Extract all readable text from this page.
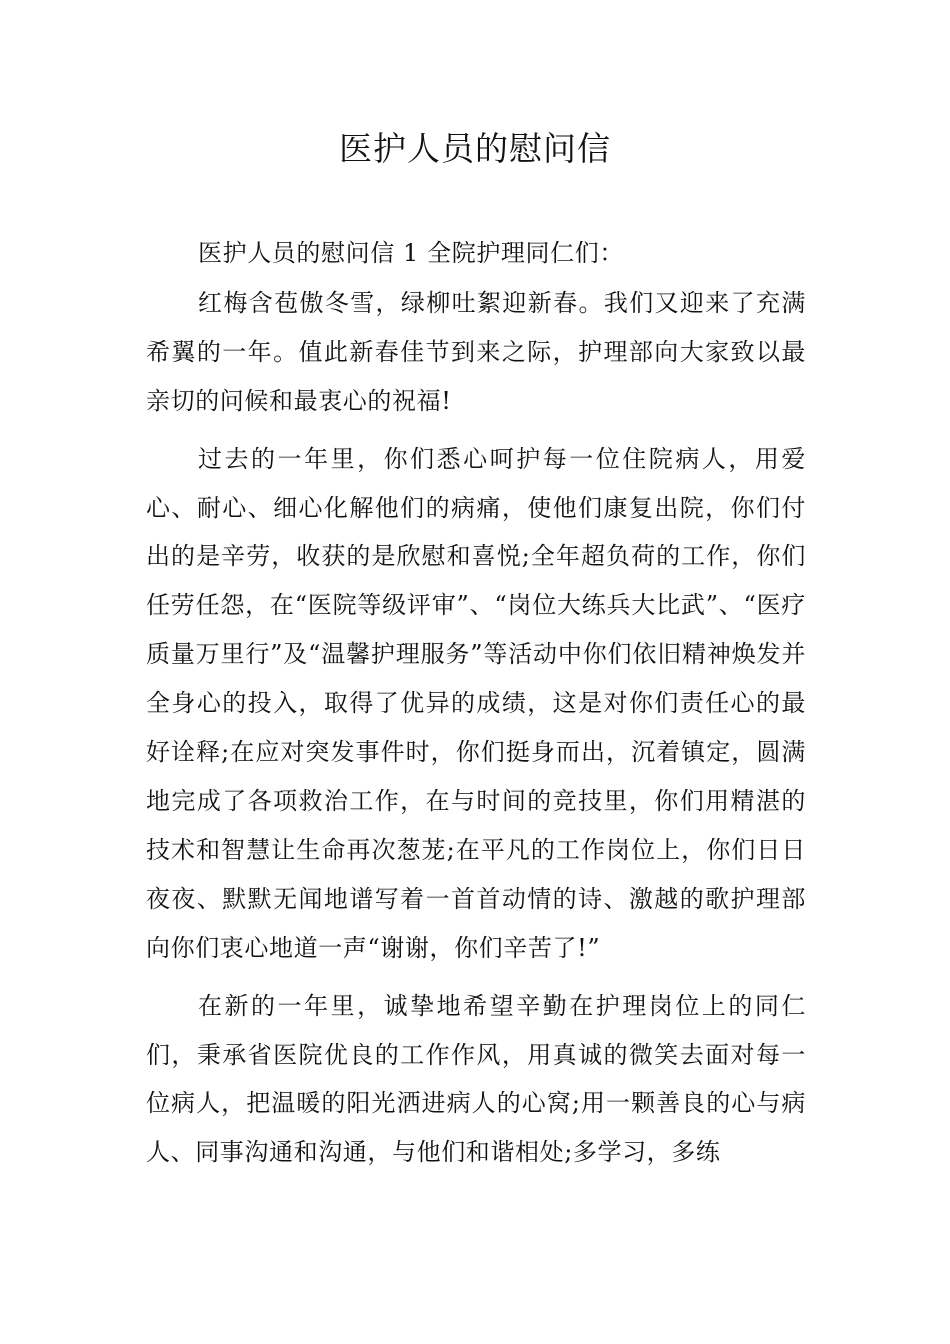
医护人员的慰问信

医护人员的慰问信 1 全院护理同仁们：

红梅含苞傲冬雪，绿柳吐絮迎新春。我们又迎来了充满希翼的一年。值此新春佳节到来之际，护理部向大家致以最亲切的问候和最衷心的祝福!

过去的一年里，你们悉心呵护每一位住院病人，用爱心、耐心、细心化解他们的病痛，使他们康复出院，你们付出的是辛劳，收获的是欣慰和喜悦;全年超负荷的工作，你们任劳任怨，在“医院等级评审”、“岗位大练兵大比武”、“医疗质量万里行”及“温馨护理服务”等活动中你们依旧精神焕发并全身心的投入，取得了优异的成绩，这是对你们责任心的最好诠释;在应对突发事件时，你们挺身而出，沉着镇定，圆满地完成了各项救治工作，在与时间的竞技里，你们用精湛的技术和智慧让生命再次葱茏;在平凡的工作岗位上，你们日日夜夜、默默无闻地谱写着一首首动情的诗、激越的歌护理部向你们衷心地道一声“谢谢，你们辛苦了!”

在新的一年里，诚挚地希望辛勤在护理岗位上的同仁们，秉承省医院优良的工作作风，用真诚的微笑去面对每一位病人，把温暖的阳光洒进病人的心窝;用一颗善良的心与病人、同事沟通和沟通，与他们和谐相处;多学习，多练
